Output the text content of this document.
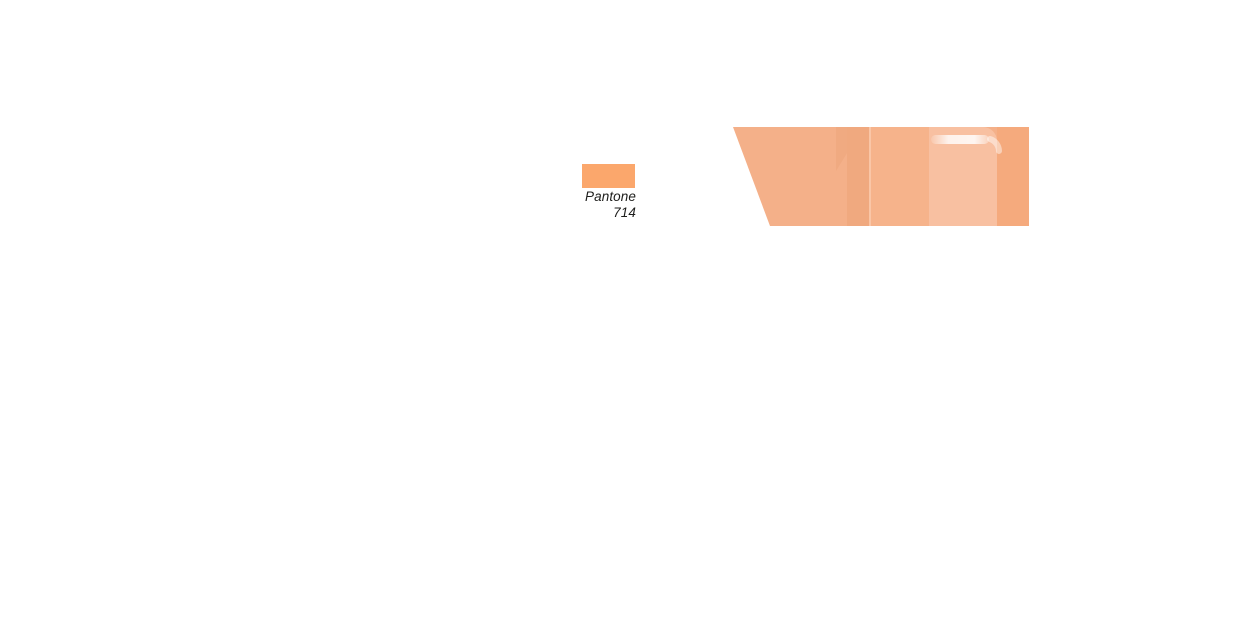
Pantone
714
